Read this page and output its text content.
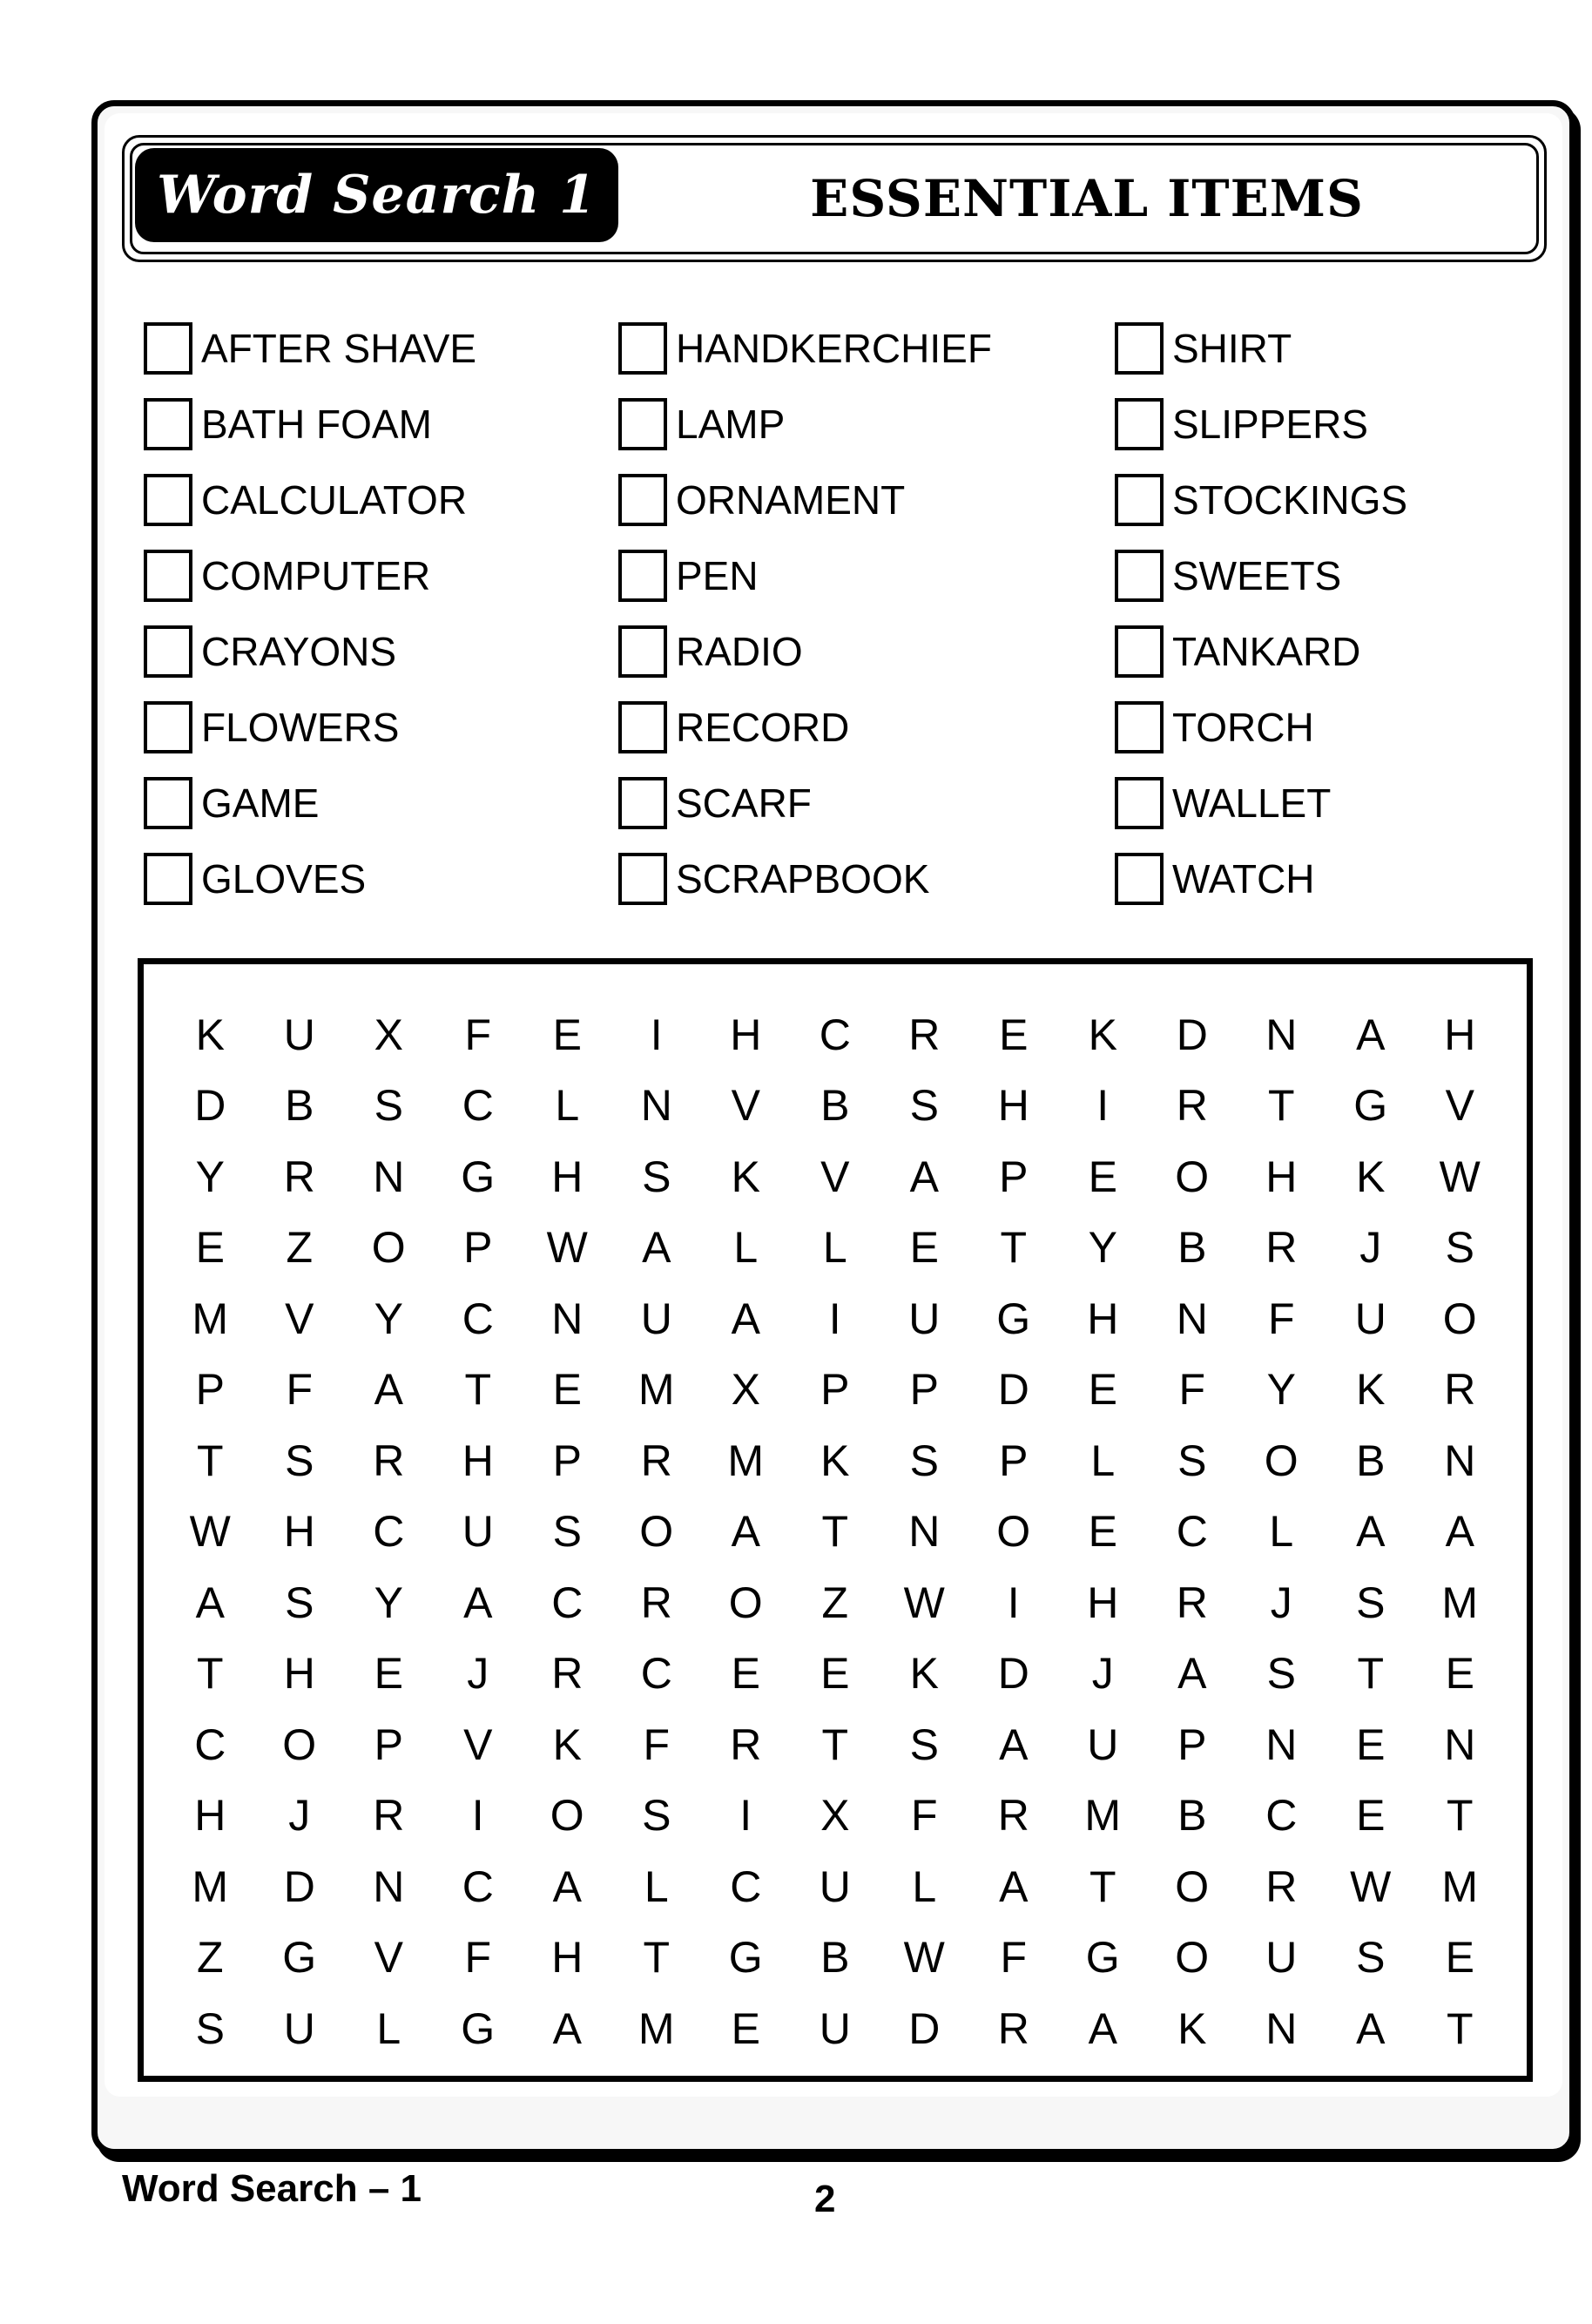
Word Search 1	ESSENTIAL ITEMS
AFTER SHAVE
BATH FOAM
CALCULATOR
COMPUTER
CRAYONS
FLOWERS
GAME
GLOVES
HANDKERCHIEF
LAMP
ORNAMENT
PEN
RADIO
RECORD
SCARF
SCRAPBOOK
SHIRT
SLIPPERS
STOCKINGS
SWEETS
TANKARD
TORCH
WALLET
WATCH
K	U	X	F	E	I	H	C	R	E	K	D	N	A	H
D	B	S	C	L	N	V	B	S	H	I	R	T	G	V
Y	R	N	G	H	S	K	V	A	P	E	O	H	K	W
E	Z	O	P	W	A	L	L	E	T	Y	B	R	J	S
M	V	Y	C	N	U	A	I	U	G	H	N	F	U	O
P	F	A	T	E	M	X	P	P	D	E	F	Y	K	R
T	S	R	H	P	R	M	K	S	P	L	S	O	B	N
W	H	C	U	S	O	A	T	N	O	E	C	L	A	A
A	S	Y	A	C	R	O	Z	W	I	H	R	J	S	M
T	H	E	J	R	C	E	E	K	D	J	A	S	T	E
C	O	P	V	K	F	R	T	S	A	U	P	N	E	N
H	J	R	I	O	S	I	X	F	R	M	B	C	E	T
M	D	N	C	A	L	C	U	L	A	T	O	R	W	M
Z	G	V	F	H	T	G	B	W	F	G	O	U	S	E
S	U	L	G	A	M	E	U	D	R	A	K	N	A	T
Word Search – 1	2
